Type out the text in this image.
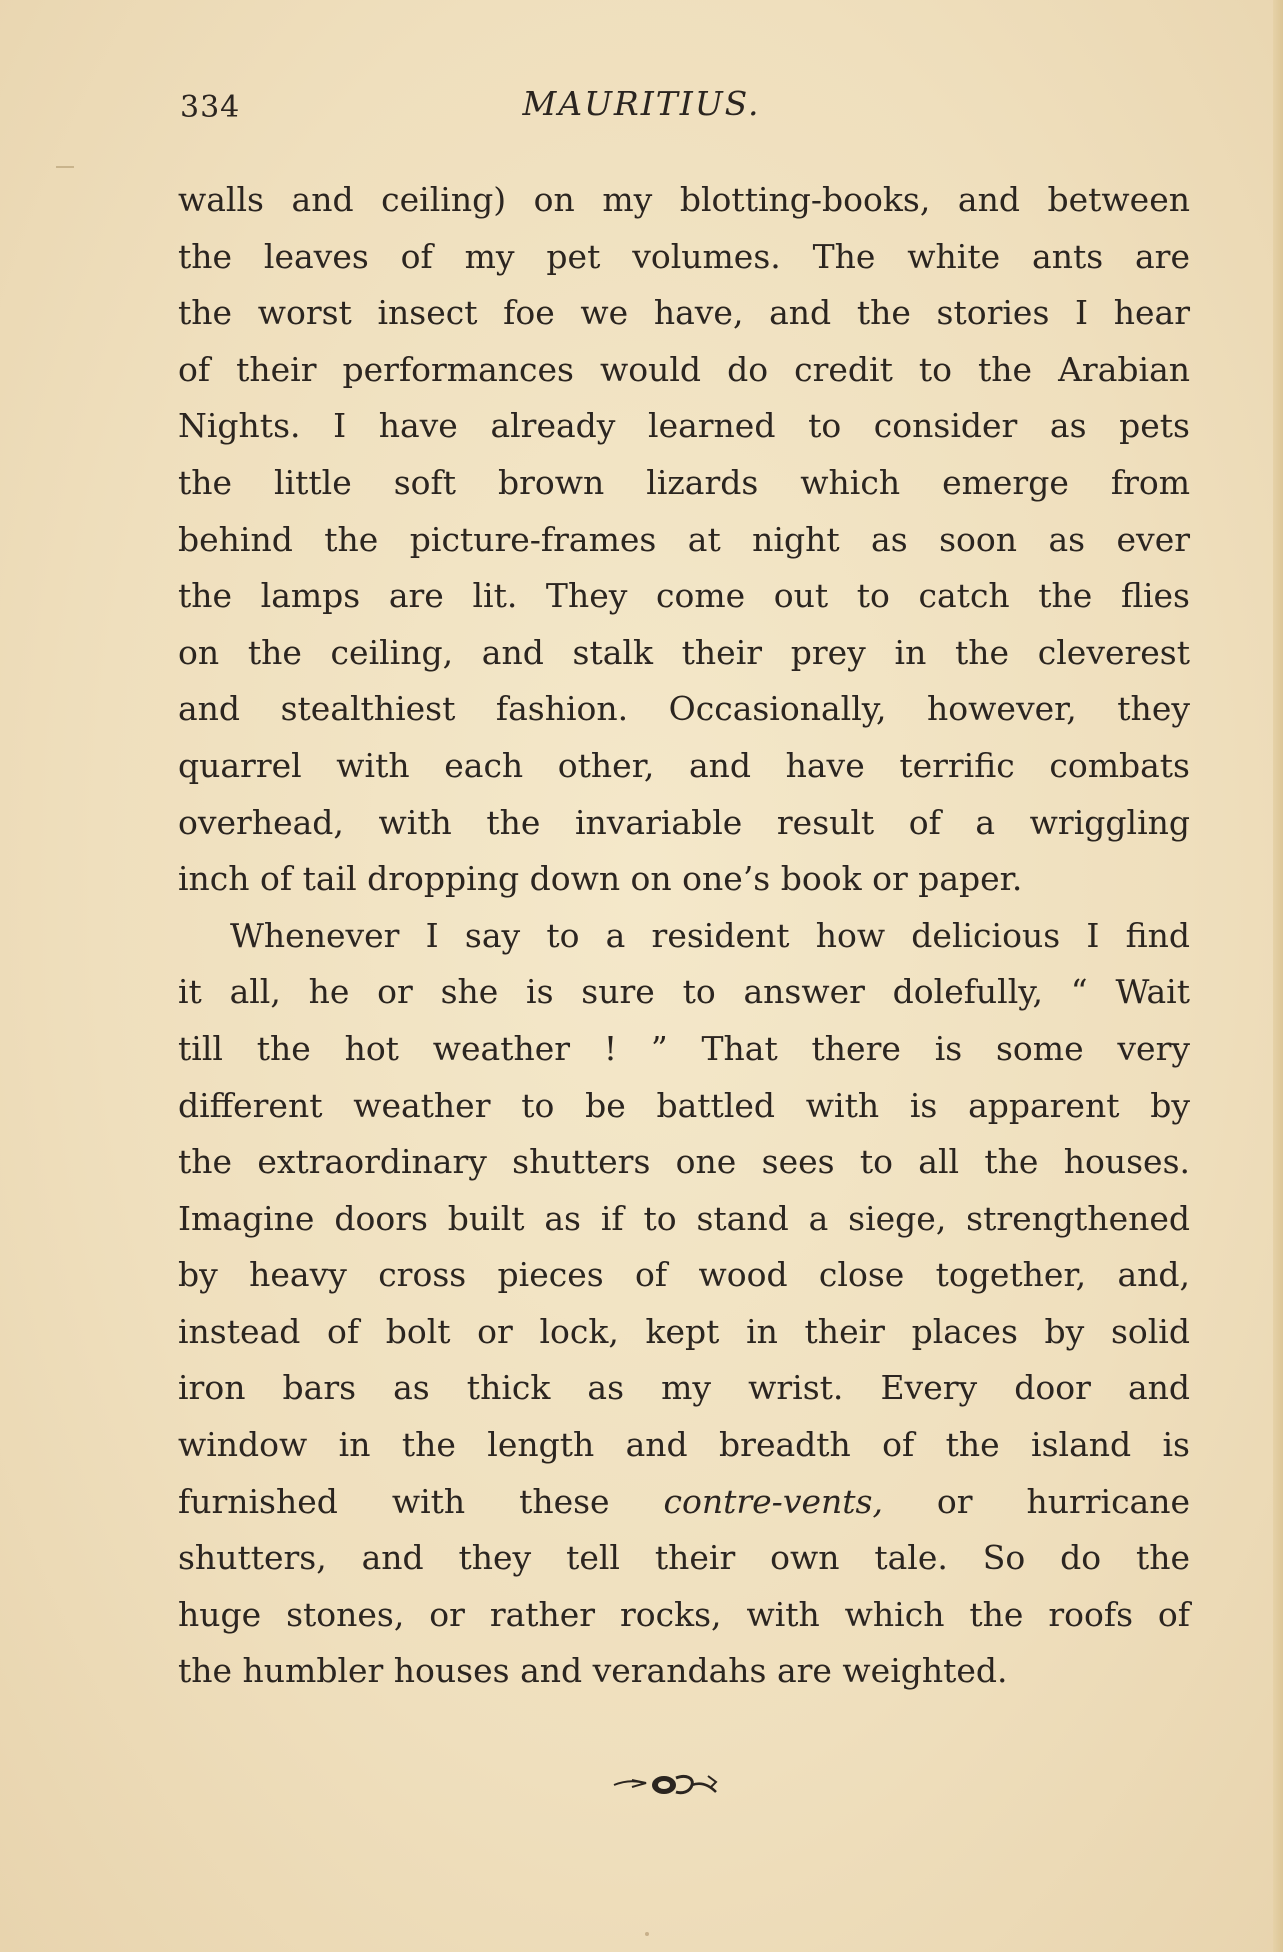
334	MAURITIUS.
walls and ceiling) on my blotting-books, and between
the leaves of my pet volumes. The white ants are
the worst insect foe we have, and the stories I hear
of their performances would do credit to the Arabian
Nights. I have already learned to consider as pets
the little soft brown lizards which emerge from
behind the picture-frames at night as soon as ever
the lamps are lit. They come out to catch the flies
on the ceiling, and stalk their prey in the cleverest
and stealthiest fashion. Occasionally, however, they
quarrel with each other, and have terrific combats
overhead, with the invariable result of a wriggling
inch of tail dropping down on one’s book or paper.
Whenever I say to a resident how delicious I find
it all, he or she is sure to answer dolefully, “ Wait
till the hot weather ! ” That there is some very
different weather to be battled with is apparent by
the extraordinary shutters one sees to all the houses.
Imagine doors built as if to stand a siege, strengthened
by heavy cross pieces of wood close together, and,
instead of bolt or lock, kept in their places by solid
iron bars as thick as my wrist. Every door and
window in the length and breadth of the island is
furnished with these contre-vents, or hurricane
shutters, and they tell their own tale. So do the
huge stones, or rather rocks, with which the roofs of
the humbler houses and verandahs are weighted.
